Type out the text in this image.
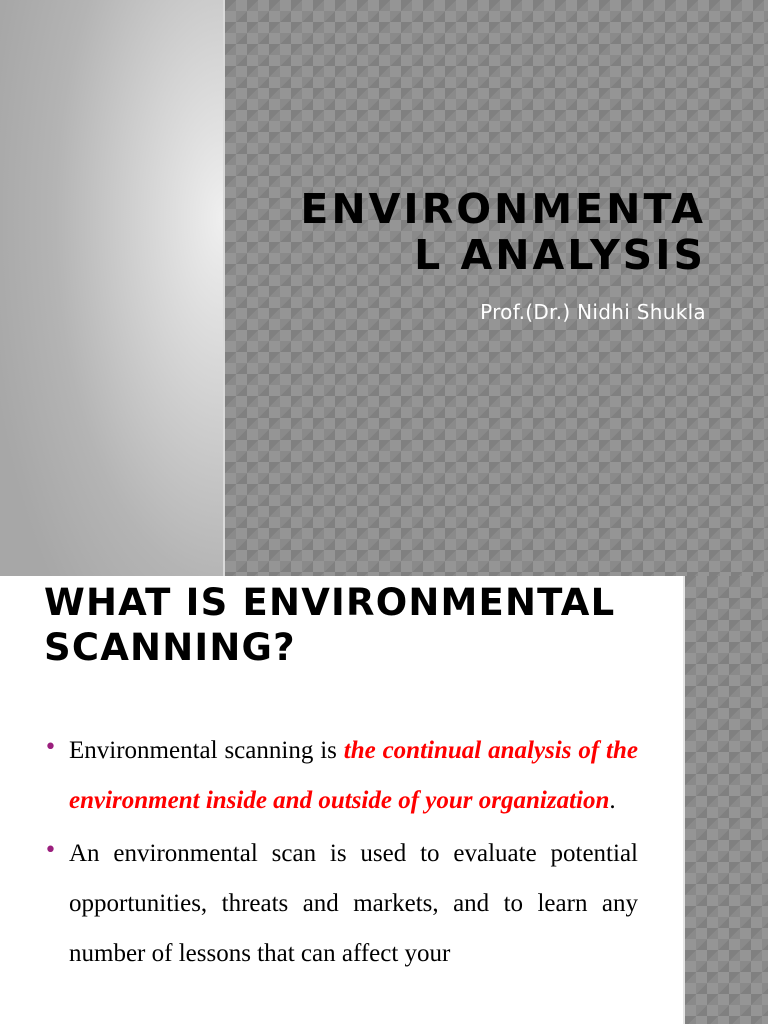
ENVIRONMENTA
L ANALYSIS
Prof.(Dr.) Nidhi Shukla
WHAT IS ENVIRONMENTAL
SCANNING?
• Environmental scanning is the continual analysis of the environment inside and outside of your organization.
• An environmental scan is used to evaluate potential opportunities, threats and markets, and to learn any number of lessons that can affect your
